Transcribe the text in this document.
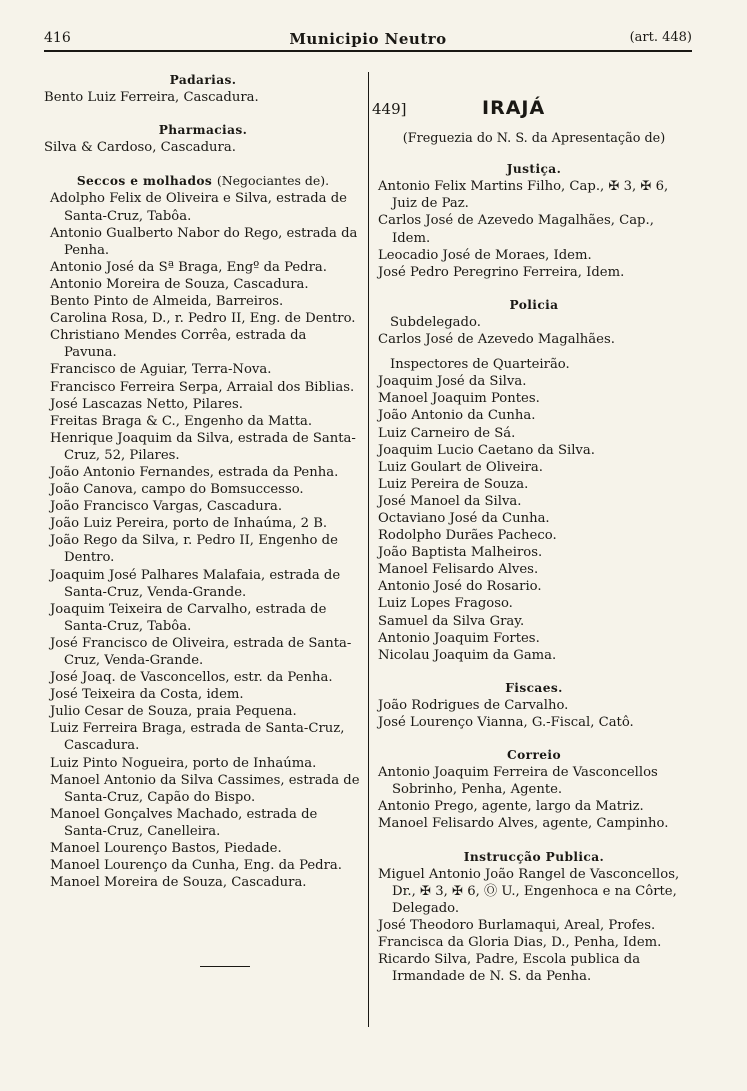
416	Municipio Neutro	(art. 448)

Padarias.

Bento Luiz Ferreira, Cascadura.

Pharmacias.

Silva & Cardoso, Cascadura.

Seccos e molhados (Negociantes de).

Adolpho Felix de Oliveira e Silva, estrada de Santa-Cruz, Tabôa.

Antonio Gualberto Nabor do Rego, estrada da Penha.

Antonio José da Sª Braga, Engº da Pedra.

Antonio Moreira de Souza, Cascadura.

Bento Pinto de Almeida, Barreiros.

Carolina Rosa, D., r. Pedro II, Eng. de Dentro.

Christiano Mendes Corrêa, estrada da Pavuna.

Francisco de Aguiar, Terra-Nova.

Francisco Ferreira Serpa, Arraial dos Biblias.

José Lascazas Netto, Pilares.

Freitas Braga & C., Engenho da Matta.

Henrique Joaquim da Silva, estrada de Santa-Cruz, 52, Pilares.

João Antonio Fernandes, estrada da Penha.

João Canova, campo do Bomsuccesso.

João Francisco Vargas, Cascadura.

João Luiz Pereira, porto de Inhaúma, 2 B.

João Rego da Silva, r. Pedro II, Engenho de Dentro.

Joaquim José Palhares Malafaia, estrada de Santa-Cruz, Venda-Grande.

Joaquim Teixeira de Carvalho, estrada de Santa-Cruz, Tabôa.

José Francisco de Oliveira, estrada de Santa-Cruz, Venda-Grande.

José Joaq. de Vasconcellos, estr. da Penha.

José Teixeira da Costa, idem.

Julio Cesar de Souza, praia Pequena.

Luiz Ferreira Braga, estrada de Santa-Cruz, Cascadura.

Luiz Pinto Nogueira, porto de Inhaúma.

Manoel Antonio da Silva Cassimes, estrada de Santa-Cruz, Capão do Bispo.

Manoel Gonçalves Machado, estrada de Santa-Cruz, Canelleira.

Manoel Lourenço Bastos, Piedade.

Manoel Lourenço da Cunha, Eng. da Pedra.

Manoel Moreira de Souza, Cascadura.

449]	IRAJÁ

(Freguezia do N. S. da Apresentação de)

Justiça.

Antonio Felix Martins Filho, Cap., ✠ 3, ✠ 6, Juiz de Paz.

Carlos José de Azevedo Magalhães, Cap., Idem.

Leocadio José de Moraes, Idem.

José Pedro Peregrino Ferreira, Idem.

Policia

Subdelegado.

Carlos José de Azevedo Magalhães.

Inspectores de Quarteirão.

Joaquim José da Silva.

Manoel Joaquim Pontes.

João Antonio da Cunha.

Luiz Carneiro de Sá.

Joaquim Lucio Caetano da Silva.

Luiz Goulart de Oliveira.

Luiz Pereira de Souza.

José Manoel da Silva.

Octaviano José da Cunha.

Rodolpho Durães Pacheco.

João Baptista Malheiros.

Manoel Felisardo Alves.

Antonio José do Rosario.

Luiz Lopes Fragoso.

Samuel da Silva Gray.

Antonio Joaquim Fortes.

Nicolau Joaquim da Gama.

Fiscaes.

João Rodrigues de Carvalho.

José Lourenço Vianna, G.-Fiscal, Catô.

Correio

Antonio Joaquim Ferreira de Vasconcellos Sobrinho, Penha, Agente.

Antonio Prego, agente, largo da Matriz.

Manoel Felisardo Alves, agente, Campinho.

Instrucção Publica.

Miguel Antonio João Rangel de Vasconcellos, Dr., ✠ 3, ✠ 6, Ⓞ U., Engenhoca e na Côrte, Delegado.

José Theodoro Burlamaqui, Areal, Profes.

Francisca da Gloria Dias, D., Penha, Idem.

Ricardo Silva, Padre, Escola publica da Irmandade de N. S. da Penha.
